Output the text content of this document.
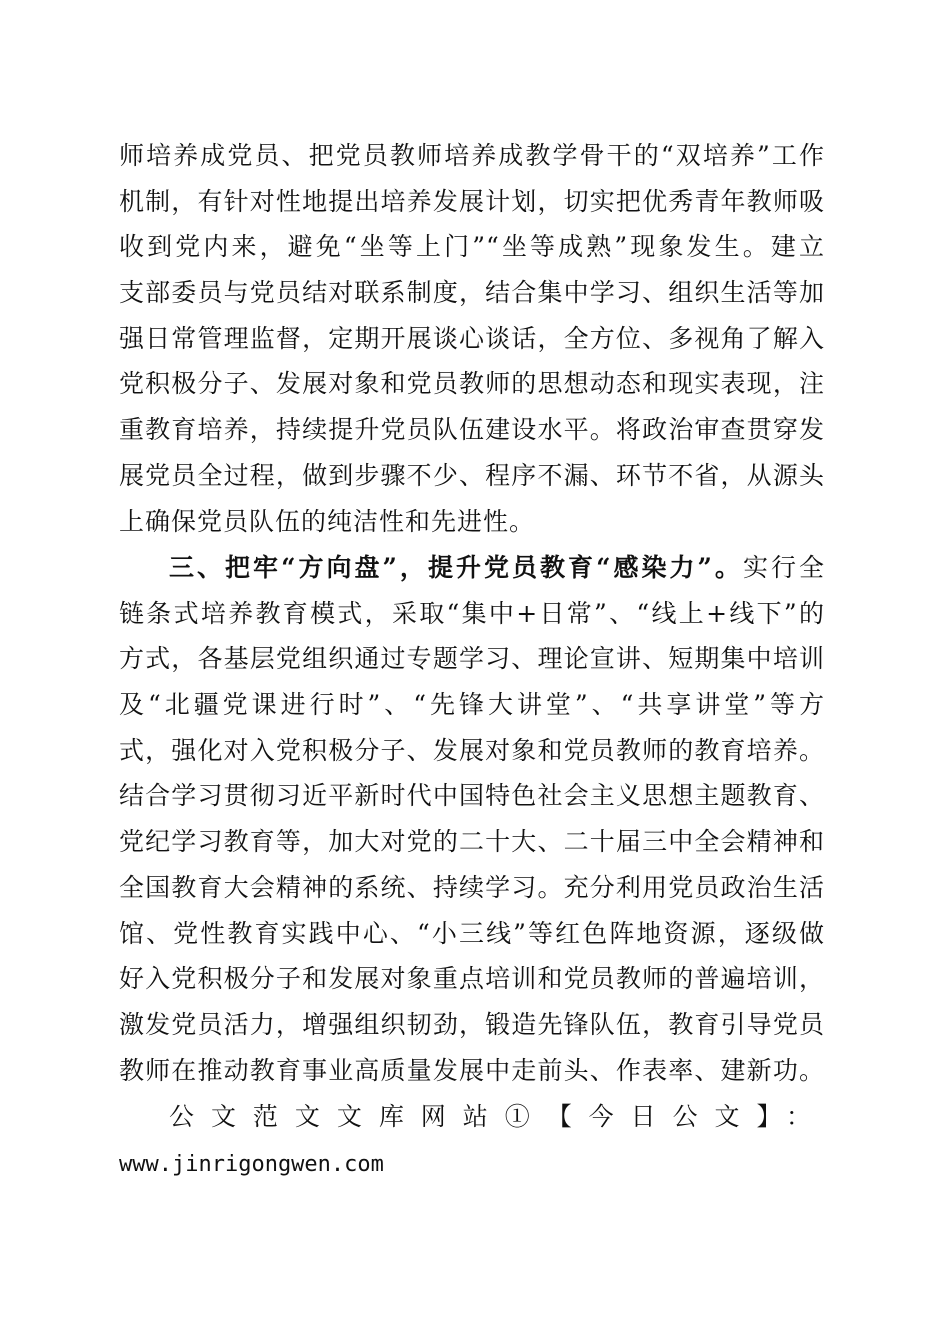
师培养成党员、把党员教师培养成教学骨干的“双培养”工作
机制，有针对性地提出培养发展计划，切实把优秀青年教师吸
收到党内来，避免“坐等上门”“坐等成熟”现象发生。建立
支部委员与党员结对联系制度，结合集中学习、组织生活等加
强日常管理监督，定期开展谈心谈话，全方位、多视角了解入
党积极分子、发展对象和党员教师的思想动态和现实表现，注
重教育培养，持续提升党员队伍建设水平。将政治审查贯穿发
展党员全过程，做到步骤不少、程序不漏、环节不省，从源头
上确保党员队伍的纯洁性和先进性。
三、把牢“方向盘”，提升党员教育“感染力”。实行全
链条式培养教育模式，采取“集中+日常”、“线上+线下”的
方式，各基层党组织通过专题学习、理论宣讲、短期集中培训
及“北疆党课进行时”、“先锋大讲堂”、“共享讲堂”等方
式，强化对入党积极分子、发展对象和党员教师的教育培养。
结合学习贯彻习近平新时代中国特色社会主义思想主题教育、
党纪学习教育等，加大对党的二十大、二十届三中全会精神和
全国教育大会精神的系统、持续学习。充分利用党员政治生活
馆、党性教育实践中心、“小三线”等红色阵地资源，逐级做
好入党积极分子和发展对象重点培训和党员教师的普遍培训，
激发党员活力，增强组织韧劲，锻造先锋队伍，教育引导党员
教师在推动教育事业高质量发展中走前头、作表率、建新功。
公文范文文库网站①【今日公文】：
www.jinrigongwen.com
